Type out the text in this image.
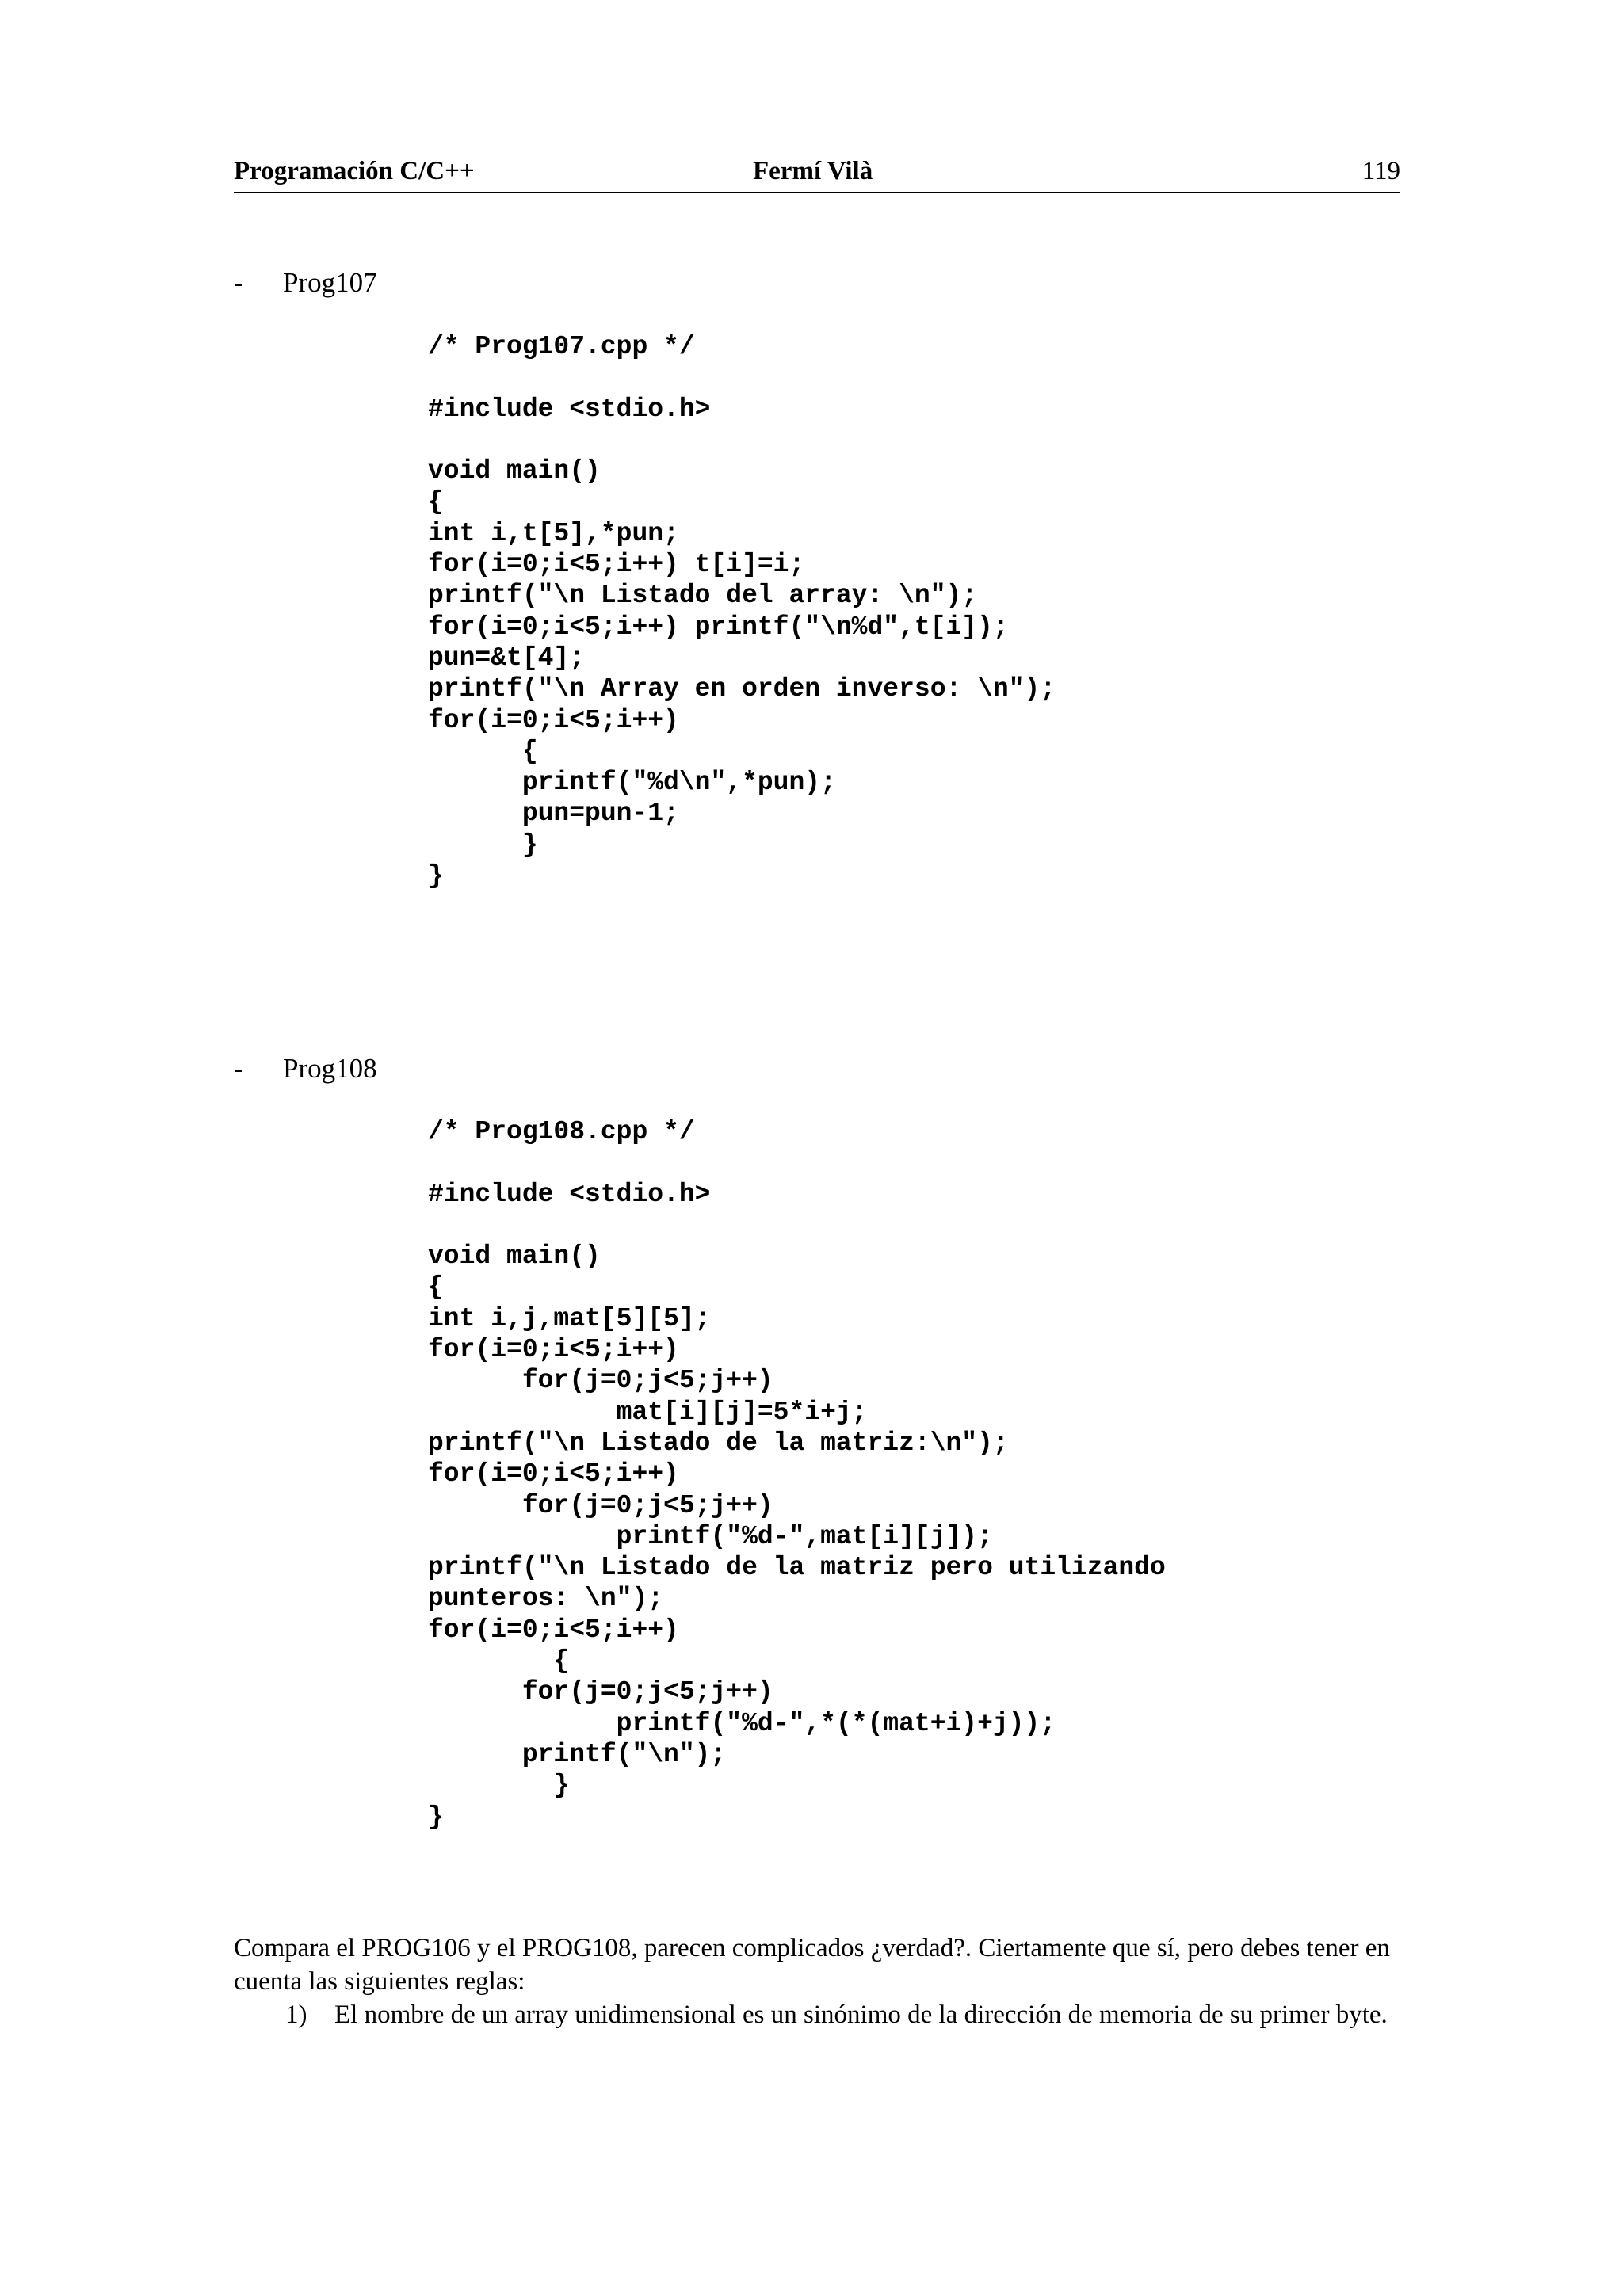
Programación C/C++	Fermí Vilà	119
- Prog107
/* Prog107.cpp */

#include <stdio.h>

void main()
{
int i,t[5],*pun;
for(i=0;i<5;i++) t[i]=i;
printf("\n Listado del array: \n");
for(i=0;i<5;i++) printf("\n%d",t[i]);
pun=&t[4];
printf("\n Array en orden inverso: \n");
for(i=0;i<5;i++)
{
printf("%d\n",*pun);
pun=pun-1;
}
}
- Prog108
/* Prog108.cpp */

#include <stdio.h>

void main()
{
int i,j,mat[5][5];
for(i=0;i<5;i++)
for(j=0;j<5;j++)
mat[i][j]=5*i+j;
printf("\n Listado de la matriz:\n");
for(i=0;i<5;i++)
for(j=0;j<5;j++)
printf("%d-",mat[i][j]);
printf("\n Listado de la matriz pero utilizando
punteros: \n");
for(i=0;i<5;i++)
{
for(j=0;j<5;j++)
printf("%d-",*(*(mat+i)+j));
printf("\n");
}
}
Compara el PROG106 y el PROG108, parecen complicados ¿verdad?. Ciertamente que sí, pero debes tener en cuenta las siguientes reglas:
1) El nombre de un array unidimensional es un sinónimo de la dirección de memoria de su primer byte.
